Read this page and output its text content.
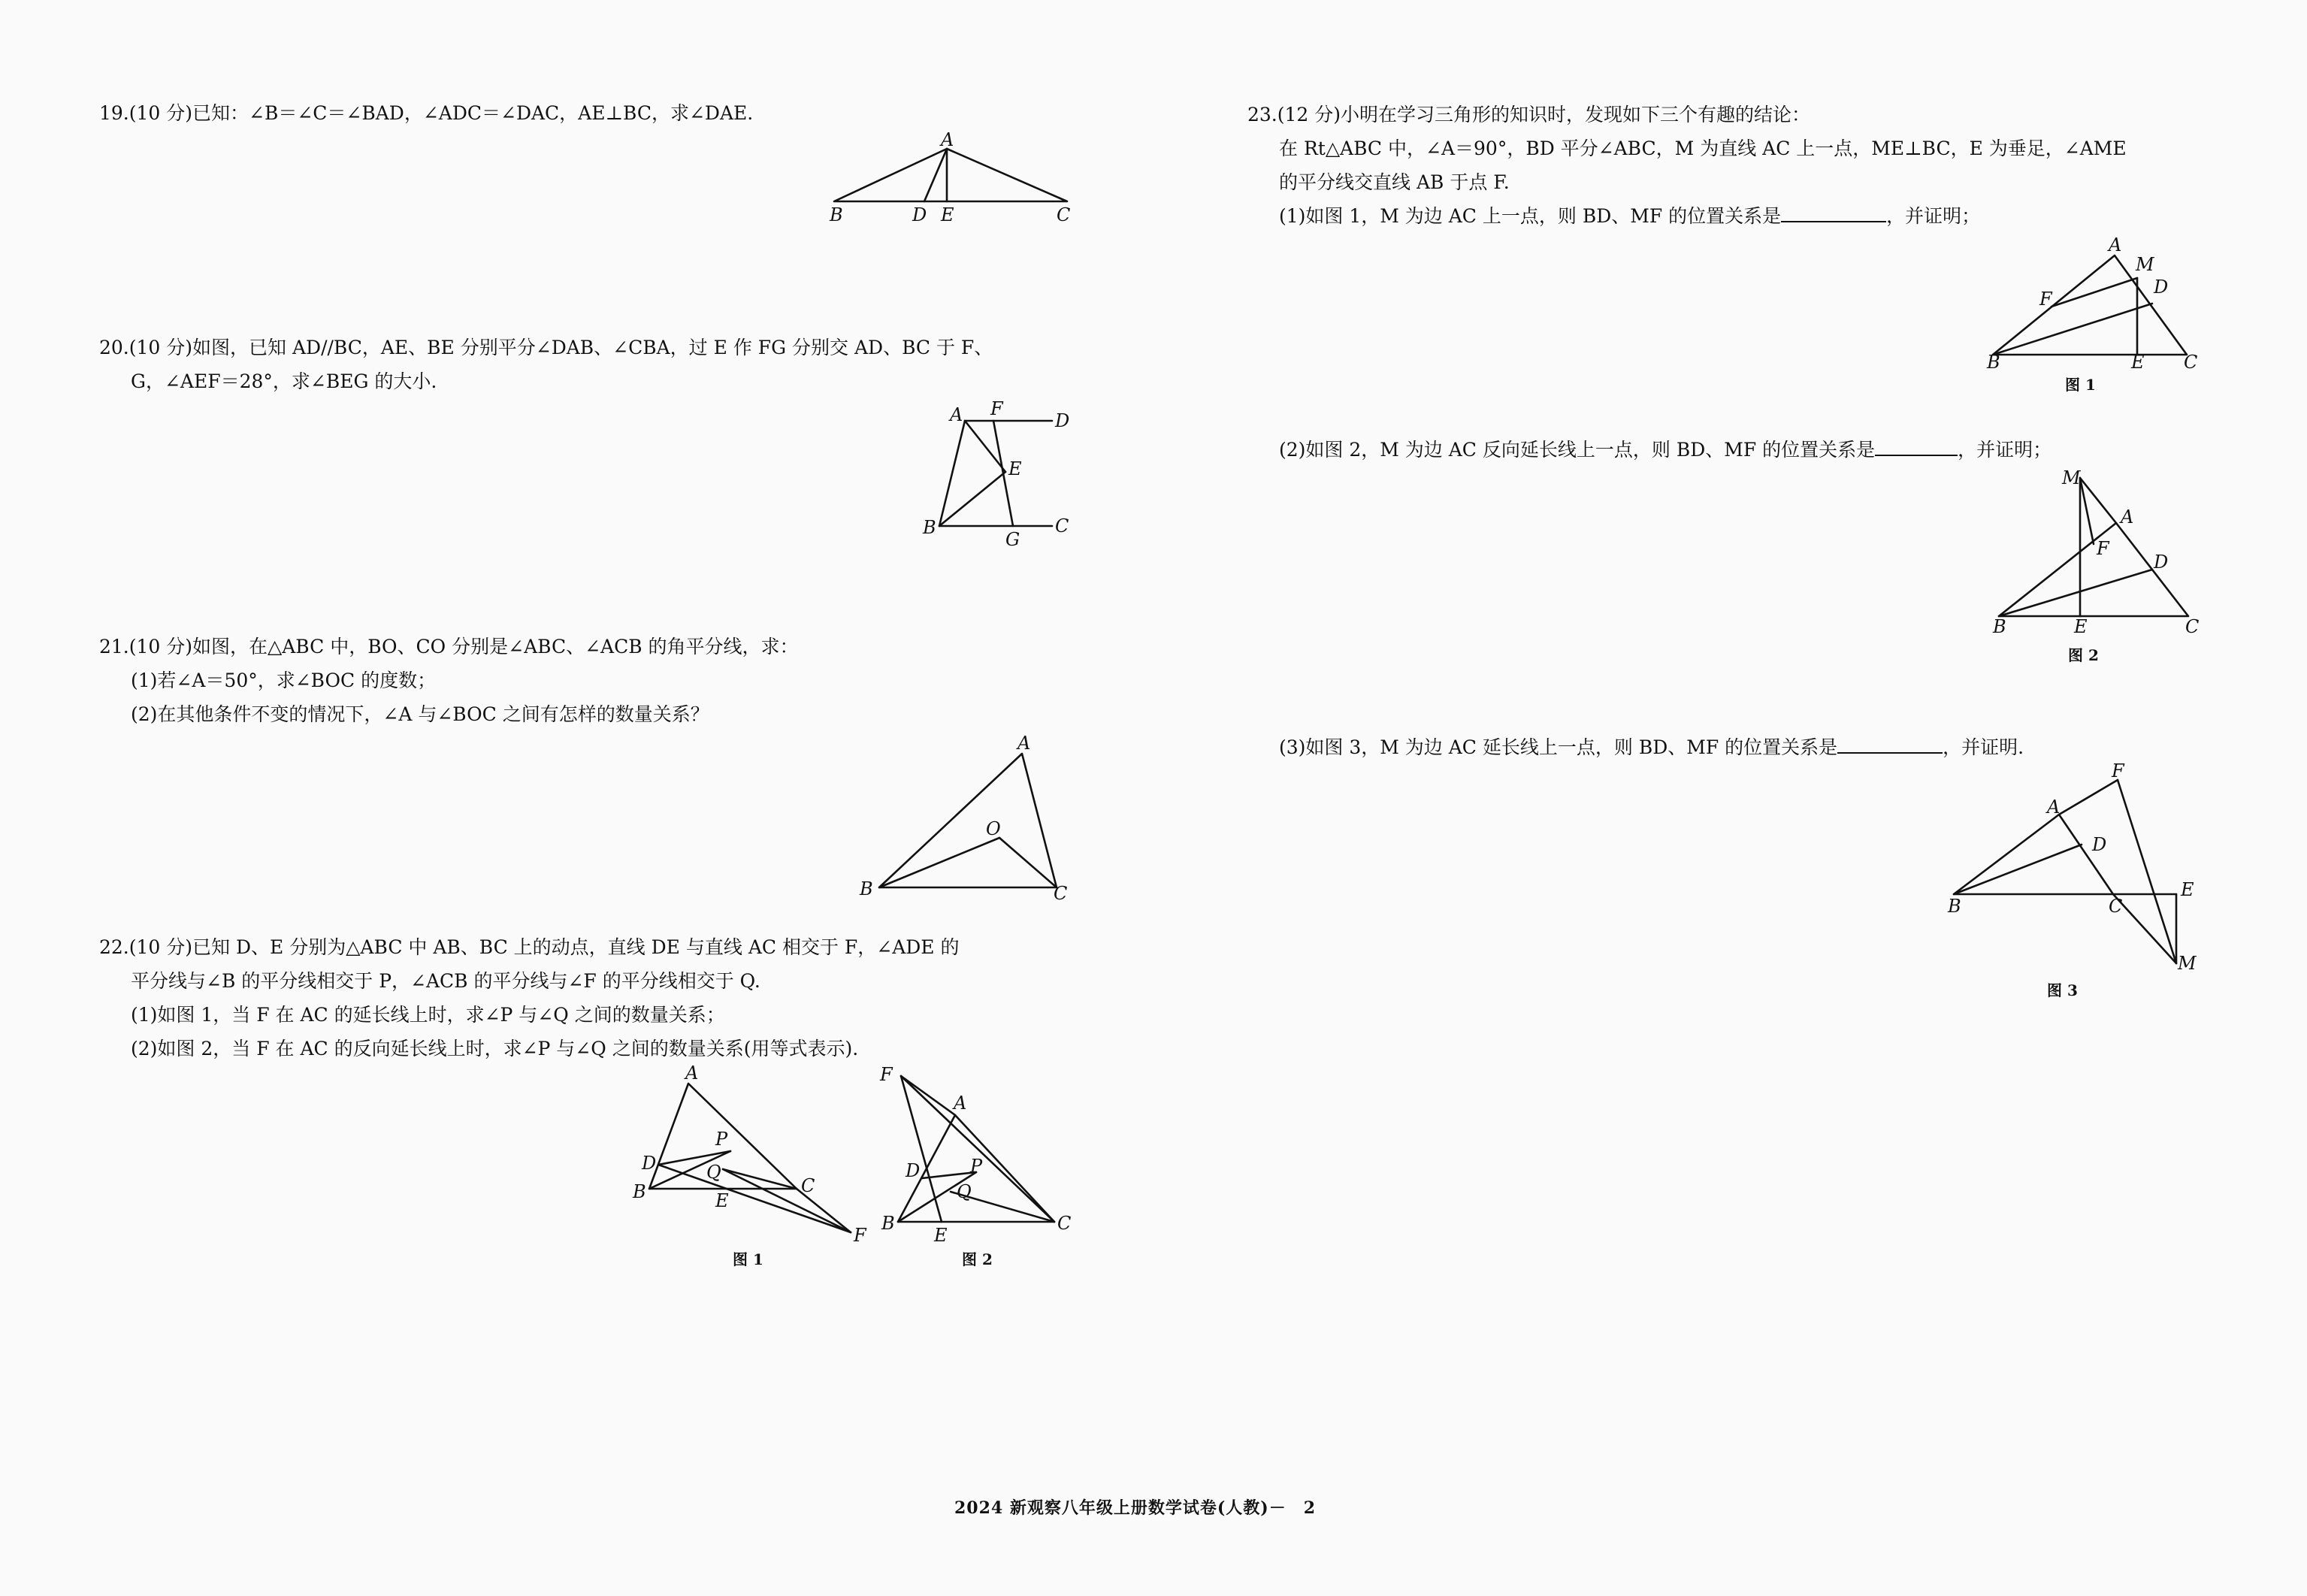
19.(10 分)已知：∠B＝∠C＝∠BAD，∠ADC＝∠DAC，AE⊥BC，求∠DAE.

A
B	D E	C

20.(10 分)如图，已知 AD//BC，AE、BE 分别平分∠DAB、∠CBA，过 E 作 FG 分别交 AD、BC 于 F、

G，∠AEF＝28°，求∠BEG 的大小.

A F
D
E
B
G
C

21.(10 分)如图，在△ABC 中，BO、CO 分别是∠ABC、∠ACB 的角平分线，求：

(1)若∠A＝50°，求∠BOC 的度数；

(2)在其他条件不变的情况下，∠A 与∠BOC 之间有怎样的数量关系？

A
O
B	C

22.(10 分)已知 D、E 分别为△ABC 中 AB、BC 上的动点，直线 DE 与直线 AC 相交于 F，∠ADE 的

平分线与∠B 的平分线相交于 P，∠ACB 的平分线与∠F 的平分线相交于 Q.

(1)如图 1，当 F 在 AC 的延长线上时，求∠P 与∠Q 之间的数量关系；

(2)如图 2，当 F 在 AC 的反向延长线上时，求∠P 与∠Q 之间的数量关系(用等式表示).

A
P
D	Q
B	E
C
F
图 1
F
A
D	P
Q
B
E
C
图 2

23.(12 分)小明在学习三角形的知识时，发现如下三个有趣的结论：

在 Rt△ABC 中，∠A＝90°，BD 平分∠ABC，M 为直线 AC 上一点，ME⊥BC，E 为垂足，∠AME

的平分线交直线 AB 于点 F.

(1)如图 1，M 为边 AC 上一点，则 BD、MF 的位置关系是	，并证明；

A
M
D
F
B	E C
图 1

(2)如图 2，M 为边 AC 反向延长线上一点，则 BD、MF 的位置关系是	，并证明；

M
A
F
D
B	E	C
图 2

(3)如图 3，M 为边 AC 延长线上一点，则 BD、MF 的位置关系是	，并证明.

F
A
D
B	C
E
M
图 3
2024 新观察八年级上册数学试卷(人教)－　2
